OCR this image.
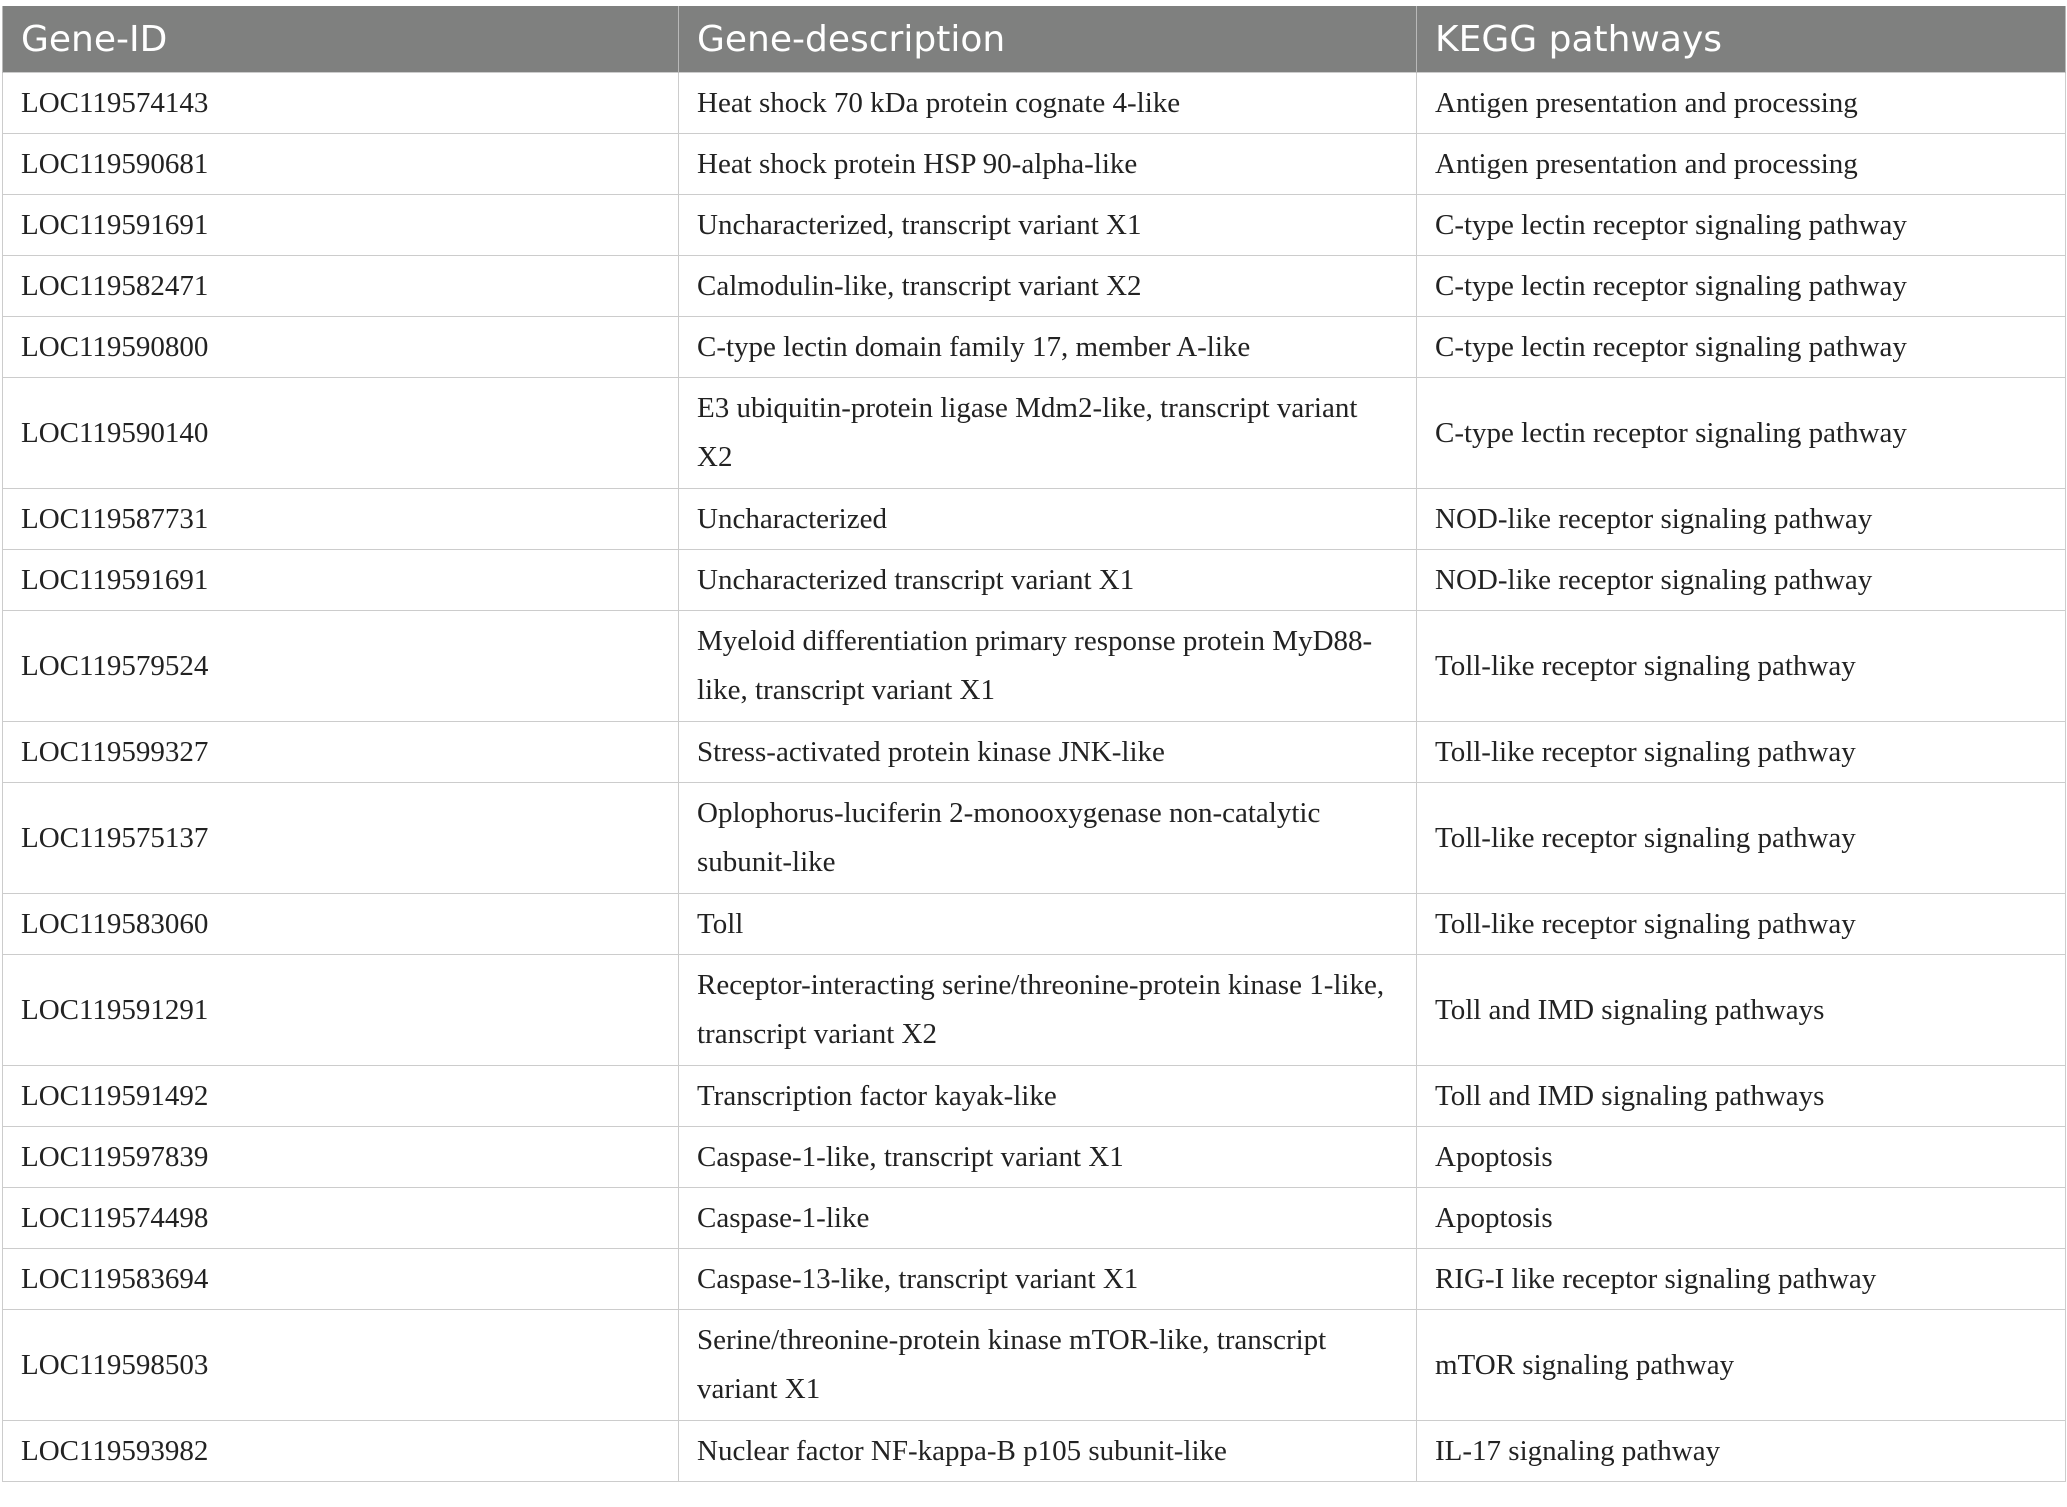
Gene-ID	Gene-description	KEGG pathways
LOC119574143	Heat shock 70 kDa protein cognate 4-like	Antigen presentation and processing
LOC119590681	Heat shock protein HSP 90-alpha-like	Antigen presentation and processing
LOC119591691	Uncharacterized, transcript variant X1	C-type lectin receptor signaling pathway
LOC119582471	Calmodulin-like, transcript variant X2	C-type lectin receptor signaling pathway
LOC119590800	C-type lectin domain family 17, member A-like	C-type lectin receptor signaling pathway
LOC119590140	E3 ubiquitin-protein ligase Mdm2-like, transcript variant X2	C-type lectin receptor signaling pathway
LOC119587731	Uncharacterized	NOD-like receptor signaling pathway
LOC119591691	Uncharacterized transcript variant X1	NOD-like receptor signaling pathway
LOC119579524	Myeloid differentiation primary response protein MyD88-like, transcript variant X1	Toll-like receptor signaling pathway
LOC119599327	Stress-activated protein kinase JNK-like	Toll-like receptor signaling pathway
LOC119575137	Oplophorus-luciferin 2-monooxygenase non-catalytic subunit-like	Toll-like receptor signaling pathway
LOC119583060	Toll	Toll-like receptor signaling pathway
LOC119591291	Receptor-interacting serine/threonine-protein kinase 1-like, transcript variant X2	Toll and IMD signaling pathways
LOC119591492	Transcription factor kayak-like	Toll and IMD signaling pathways
LOC119597839	Caspase-1-like, transcript variant X1	Apoptosis
LOC119574498	Caspase-1-like	Apoptosis
LOC119583694	Caspase-13-like, transcript variant X1	RIG-I like receptor signaling pathway
LOC119598503	Serine/threonine-protein kinase mTOR-like, transcript variant X1	mTOR signaling pathway
LOC119593982	Nuclear factor NF-kappa-B p105 subunit-like	IL-17 signaling pathway
